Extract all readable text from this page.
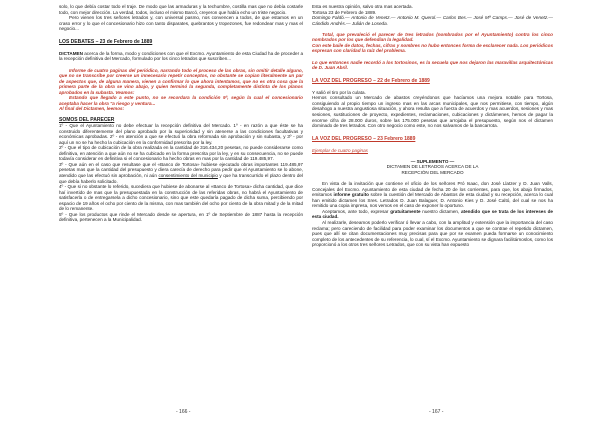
solo, lo que debía costar todo el traje. De modo que las armaduras y la techumbre, costilla mas que no debía costarle todo, con mejor dirección. La verdad, todos, incluso el mismo Barcó, creyeron que había echo un triste negocio.

Pero vienen los tres señores letrados y, con universal pasmo, nos convencen a todos, de que estamos en un craso error y lo que el concesionario hizo con tanto disparates, quebrantos y tropezones, fue redondear mas y mas el negocio...

LOS DEBATES – 23 de Febrero de 1889

DICTAMEN acerca de la forma, modo y condiciones con que el Excmo. Ayuntamiento de esta Ciudad ha de proceder a la recepción definitiva del Mercado, formulado por los cinco letrados que suscriben...

Informe de cuatro paginas del periódico, narrando todo el proceso de las obras, sin omitir detalle alguno, que no se transcribe por creerse un innecesario repetir conceptos, no obstante se copian literalmente un par de aspectos que, de alguna manera, vienen a confirmar lo que ahora intentamos, que no es otra cosa que la primera parte de la obra se vino abajo, y quien terminó la segunda, completamente distinta de los planos aprobados en la subasta. Veamos:

Estando que llegado a este punto, no se recordara la condición 9ª, según la cual el concesionario aceptaba hacer la obra "a riesgo y ventura...

Al final del Dictamen, leemos:

SOMOS DEL PARECER

1º - Que el Ayuntamiento no debe efectuar la recepción definitiva del Mercado. 1º - en razón a que éste se ha construido diferentemente del plano aprobado por la superioridad y sin atenerse a las condiciones facultativas y económicas aprobadas. 2º - en atención a que se efectuó la obra reformada sin aprobación y sin subasta, y 3º - por aquí un no se ha hecho la cubicación en la conformidad prescrita por la ley.

2º - Que el tipo de cubicación de la obra realizada en la cantidad de 316.434,20 pesetas, no puede considerarse como definitiva, en atención a que aún no se ha cubicado en la forma prescrita por la ley, y en su consecuencia, no se puede todavía considerar en definitiva si el concesionario ha hecho obras en mas por la cantidad de 119.485,97.

3º - Que aún en el caso que resultase que el «Banco de Tortosa» hubiese ejecutado obras importantes 119.485,97 pesetas mas que la cantidad del presupuesto y diera carecía de derecho para pedir que el Ayuntamiento se lo abone, atendido que las efectuó sin aprobación, ni aún consentimiento del municipio y que ha transcurrido el plazo dentro del que debía haberlo solicitado.

4º - Que si no obstante lo referido, sucediera que hubiese de abonarse al «Banco de Tortosa» dicha cantidad, que dice haí invertido de mas que la presupuestada en la construcción de las referidas obras, no habrá el Ayuntamiento de satisfacerla o de entregarsela a dicho concesionario, sino que este quedaría pagado de dicha suma, percibiendo por espacio de 19 años el ocho por ciento de la misma, con mas también del ocho por ciento de la obra mitad y de la mitad de lo remanente.

5º - Que los productos que rinde el Mercado desde se apertura, en 1º de Septiembre de 1887 hasta la recepción definitiva, pertenecen a la Municipalidad.

Esta es nuestra opinión, salvo otra mas acertada.

Tortosa 23 de Febrero de 1889.

Domingo Faldó.— Antonio de Venetz.— Antonio M. Querol.— Carlos Bes.— José Mª Camps.— José de Venetz.— Cándido Andrés.— Julián de Loseda.

Total, que prevaleció el parecer de tres letrados (nombrados por el Ayuntamiento) contra los cinco nombrados por los que defendían la legalidad.

Con este baile de datos, fechas, cifras y nombres no hubo entonces forma de esclarecer nada. Los periódicos expresan con claridad la raíz del problema.

Lo que entonces nadie recordó a los tortosinos, es la secuela que nos dejaron las maravillas arquitectónicas de D. Juan Abril.

LA VOZ DEL PROGRESO – 22 de Febrero de 1889

Y salió el tiro por la culata.

Hemos consultado un Mercado de abastos creyéndonos que hacíamos una mejora notable para Tortosa, consiguiendo al propio tiempo un ingreso mas en las arcas municipales, que nos permitiese, con tiempo, algún desahogo a nuestra angustiosa situación, y ahora resulta que a fuerza de acuerdos y mas acuerdos, sesiones y mas sesiones, sustituciones de proyecto, expedientes, reclamaciones, cubicaciones y dictámenes, hemos de pagar la enorme cifra de 28.000 duros, sobre las 175.000 pesetas que arrojaba el presupuesto, según nos el dictamen dominado de tres letrados. Con otro negocio como este, no nos salvamos de la bancarrota.

LA VOZ DEL PROGRESO – 23 Febrero 1889

Ejemplar de cuatro paginas

— SUPLEMENTO —

DICTAMEN DE LETRADOS ACERCA DE LA

RECEPCIÓN DEL MERCADO

En vista de la invitación que contiene el oficio de los señores Pró Isaac, don José Llatzer y D. Juan Valls, Concejales del Excmo. Ayuntamiento de esta ciudad de fecha 20 de los corrientes, para que, los abajo firmados, emitamos informe gratuito sobre la cuestión del Mercado de Abastos de esta ciudad y su recepción, acerca lo cual han emitido dictamen los Sres. Letrados D. Juan Balaguer, D. Antonio Kies y D. José Caltó, del cual se nos ha remitido una copia impresa, nos vemos en el caso de exponer lo oportuno.

Aceptamos, ante todo, expresar gratuitamente nuestro dictamen, atendido que se trata de los intereses de esta ciudad.

Al realizarle, deseamos poderlo verificar ó llevar a cabo, con la amplitud y extensión que la importancia del caso reclama; pero careciendo de facilidad para poder examinar los documentos a que se contrae el repetido dictamen, pues que allí se citan documentaciones muy precisas para que por se examen pueda formarse un conocimiento completo de los antecedentes de su referencia, lo cual, sí el Excmo. Ayuntamiento se dignara facilitárnoslos, como los proporcionó a los otros tres señores Letrados, que con su vista han expuesto

- 166 -	- 167 -
